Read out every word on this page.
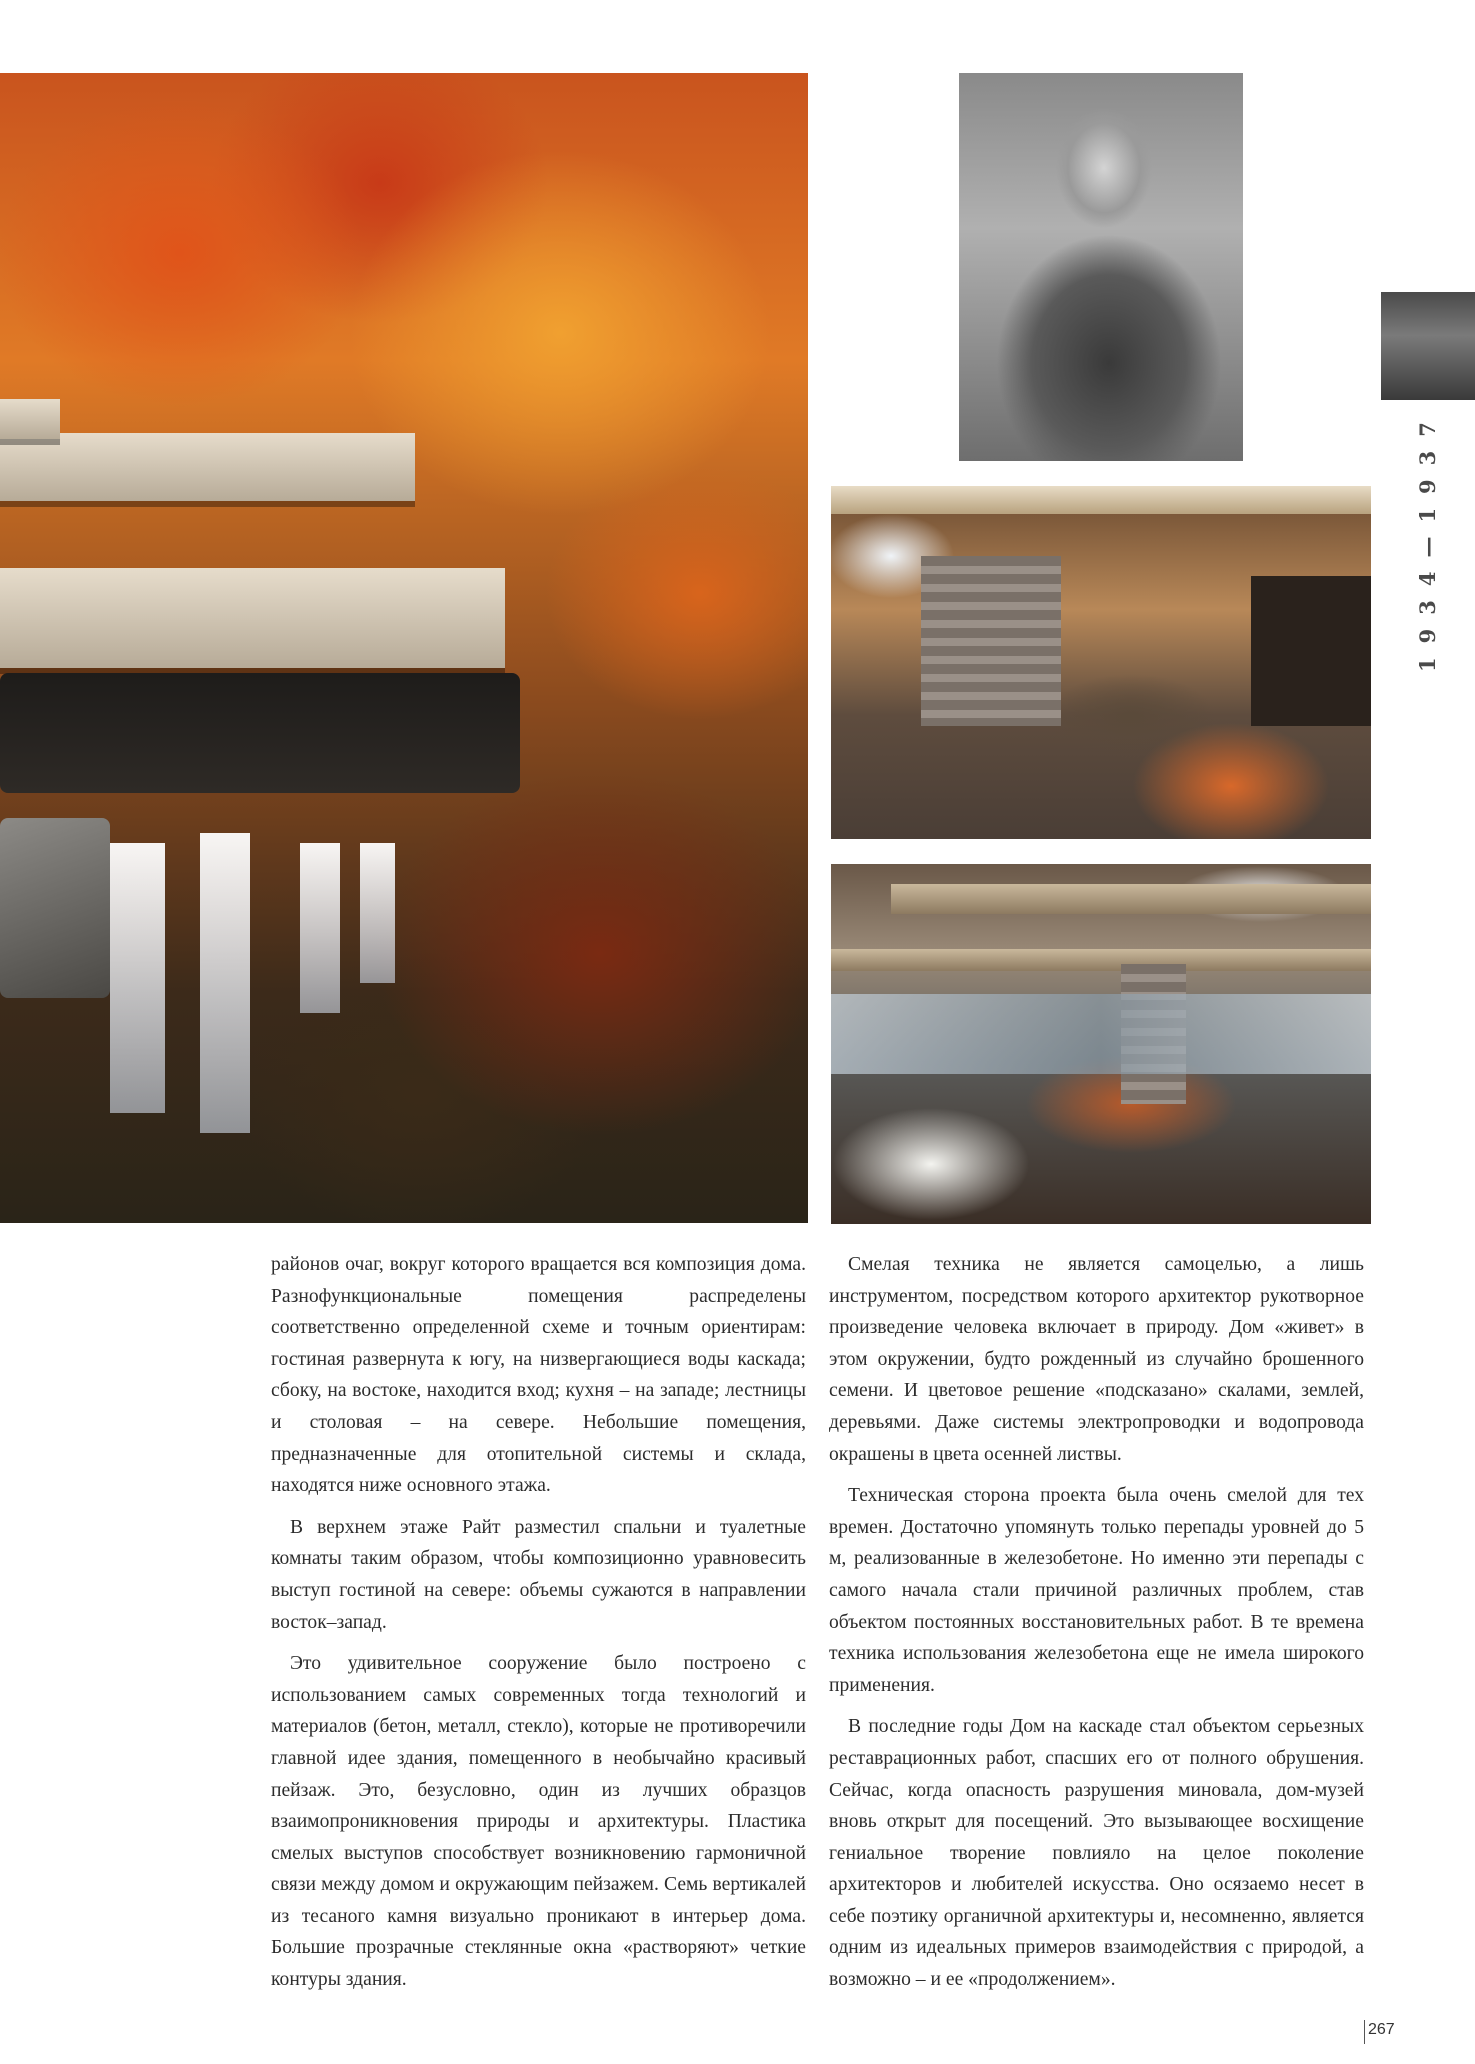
1934—1937

районов очаг, вокруг которого вращается вся композиция дома. Разнофункциональные помещения распределены соответственно определенной схеме и точным ориентирам: гостиная развернута к югу, на низвергающиеся воды каскада; сбоку, на востоке, находится вход; кухня – на западе; лестницы и столовая – на севере. Небольшие помещения, предназначенные для отопительной системы и склада, находятся ниже основного этажа.

В верхнем этаже Райт разместил спальни и туалетные комнаты таким образом, чтобы композиционно уравновесить выступ гостиной на севере: объемы сужаются в направлении восток–запад.

Это удивительное сооружение было построено с использованием самых современных тогда технологий и материалов (бетон, металл, стекло), которые не противоречили главной идее здания, помещенного в необычайно красивый пейзаж. Это, безусловно, один из лучших образцов взаимопроникновения природы и архитектуры. Пластика смелых выступов способствует возникновению гармоничной связи между домом и окружающим пейзажем. Семь вертикалей из тесаного камня визуально проникают в интерьер дома. Большие прозрачные стеклянные окна «растворяют» четкие контуры здания.

Смелая техника не является самоцелью, а лишь инструментом, посредством которого архитектор рукотворное произведение человека включает в природу. Дом «живет» в этом окружении, будто рожденный из случайно брошенного семени. И цветовое решение «подсказано» скалами, землей, деревьями. Даже системы электропроводки и водопровода окрашены в цвета осенней листвы.

Техническая сторона проекта была очень смелой для тех времен. Достаточно упомянуть только перепады уровней до 5 м, реализованные в железобетоне. Но именно эти перепады с самого начала стали причиной различных проблем, став объектом постоянных восстановительных работ. В те времена техника использования железобетона еще не имела широкого применения.

В последние годы Дом на каскаде стал объектом серьезных реставрационных работ, спасших его от полного обрушения. Сейчас, когда опасность разрушения миновала, дом-музей вновь открыт для посещений. Это вызывающее восхищение гениальное творение повлияло на целое поколение архитекторов и любителей искусства. Оно осязаемо несет в себе поэтику органичной архитектуры и, несомненно, является одним из идеальных примеров взаимодействия с природой, а возможно – и ее «продолжением».

267
